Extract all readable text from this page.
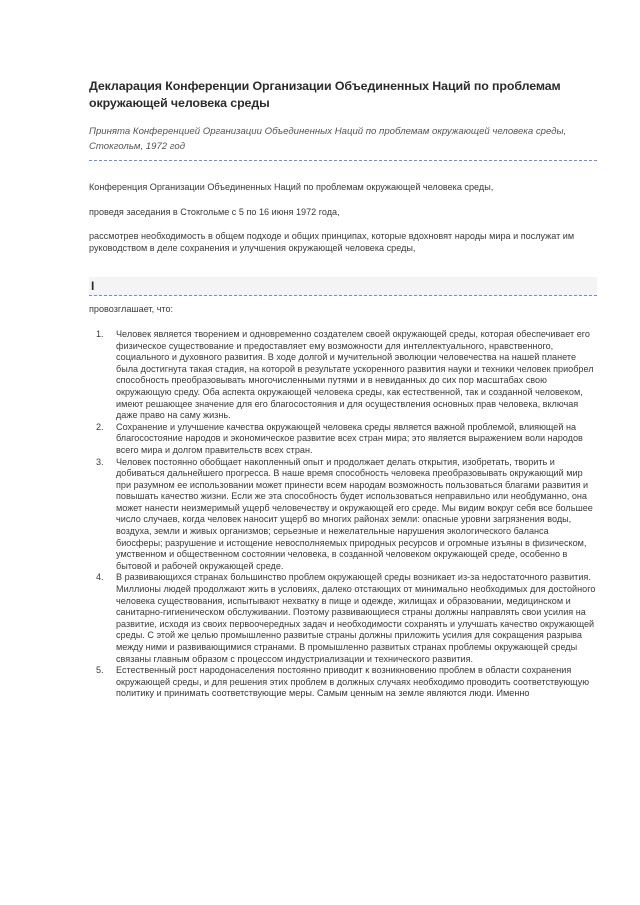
Декларация Конференции Организации Объединенных Наций по проблемам окружающей человека среды

Принята Конференцией Организации Объединенных Наций по проблемам окружающей человека среды, Стокгольм, 1972 год

Конференция Организации Объединенных Наций по проблемам окружающей человека среды,

проведя заседания в Стокгольме с 5 по 16 июня 1972 года,

рассмотрев необходимость в общем подходе и общих принципах, которые вдохновят народы мира и послужат им руководством в деле сохранения и улучшения окружающей человека среды,

I

провозглашает, что:

1. Человек является творением и одновременно создателем своей окружающей среды, которая обеспечивает его физическое существование и предоставляет ему возможности для интеллектуального, нравственного, социального и духовного развития. В ходе долгой и мучительной эволюции человечества на нашей планете была достигнута такая стадия, на которой в результате ускоренного развития науки и техники человек приобрел способность преобразовывать многочисленными путями и в невиданных до сих пор масштабах свою окружающую среду. Оба аспекта окружающей человека среды, как естественной, так и созданной человеком, имеют решающее значение для его благосостояния и для осуществления основных прав человека, включая даже право на саму жизнь.
2. Сохранение и улучшение качества окружающей человека среды является важной проблемой, влияющей на благосостояние народов и экономическое развитие всех стран мира; это является выражением воли народов всего мира и долгом правительств всех стран.
3. Человек постоянно обобщает накопленный опыт и продолжает делать открытия, изобретать, творить и добиваться дальнейшего прогресса. В наше время способность человека преобразовывать окружающий мир при разумном ее использовании может принести всем народам возможность пользоваться благами развития и повышать качество жизни. Если же эта способность будет использоваться неправильно или необдуманно, она может нанести неизмеримый ущерб человечеству и окружающей его среде. Мы видим вокруг себя все большее число случаев, когда человек наносит ущерб во многих районах земли: опасные уровни загрязнения воды, воздуха, земли и живых организмов; серьезные и нежелательные нарушения экологического баланса биосферы; разрушение и истощение невосполняемых природных ресурсов и огромные изъяны в физическом, умственном и общественном состоянии человека, в созданной человеком окружающей среде, особенно в бытовой и рабочей окружающей среде.
4. В развивающихся странах большинство проблем окружающей среды возникает из-за недостаточного развития. Миллионы людей продолжают жить в условиях, далеко отстающих от минимально необходимых для достойного человека существования, испытывают нехватку в пище и одежде, жилищах и образовании, медицинском и санитарно-гигиеническом обслуживании. Поэтому развивающиеся страны должны направлять свои усилия на развитие, исходя из своих первоочередных задач и необходимости сохранять и улучшать качество окружающей среды. С этой же целью промышленно развитые страны должны приложить усилия для сокращения разрыва между ними и развивающимися странами. В промышленно развитых странах проблемы окружающей среды связаны главным образом с процессом индустриализации и технического развития.
5. Естественный рост народонаселения постоянно приводит к возникновению проблем в области сохранения окружающей среды, и для решения этих проблем в должных случаях необходимо проводить соответствующую политику и принимать соответствующие меры. Самым ценным на земле являются люди. Именно
